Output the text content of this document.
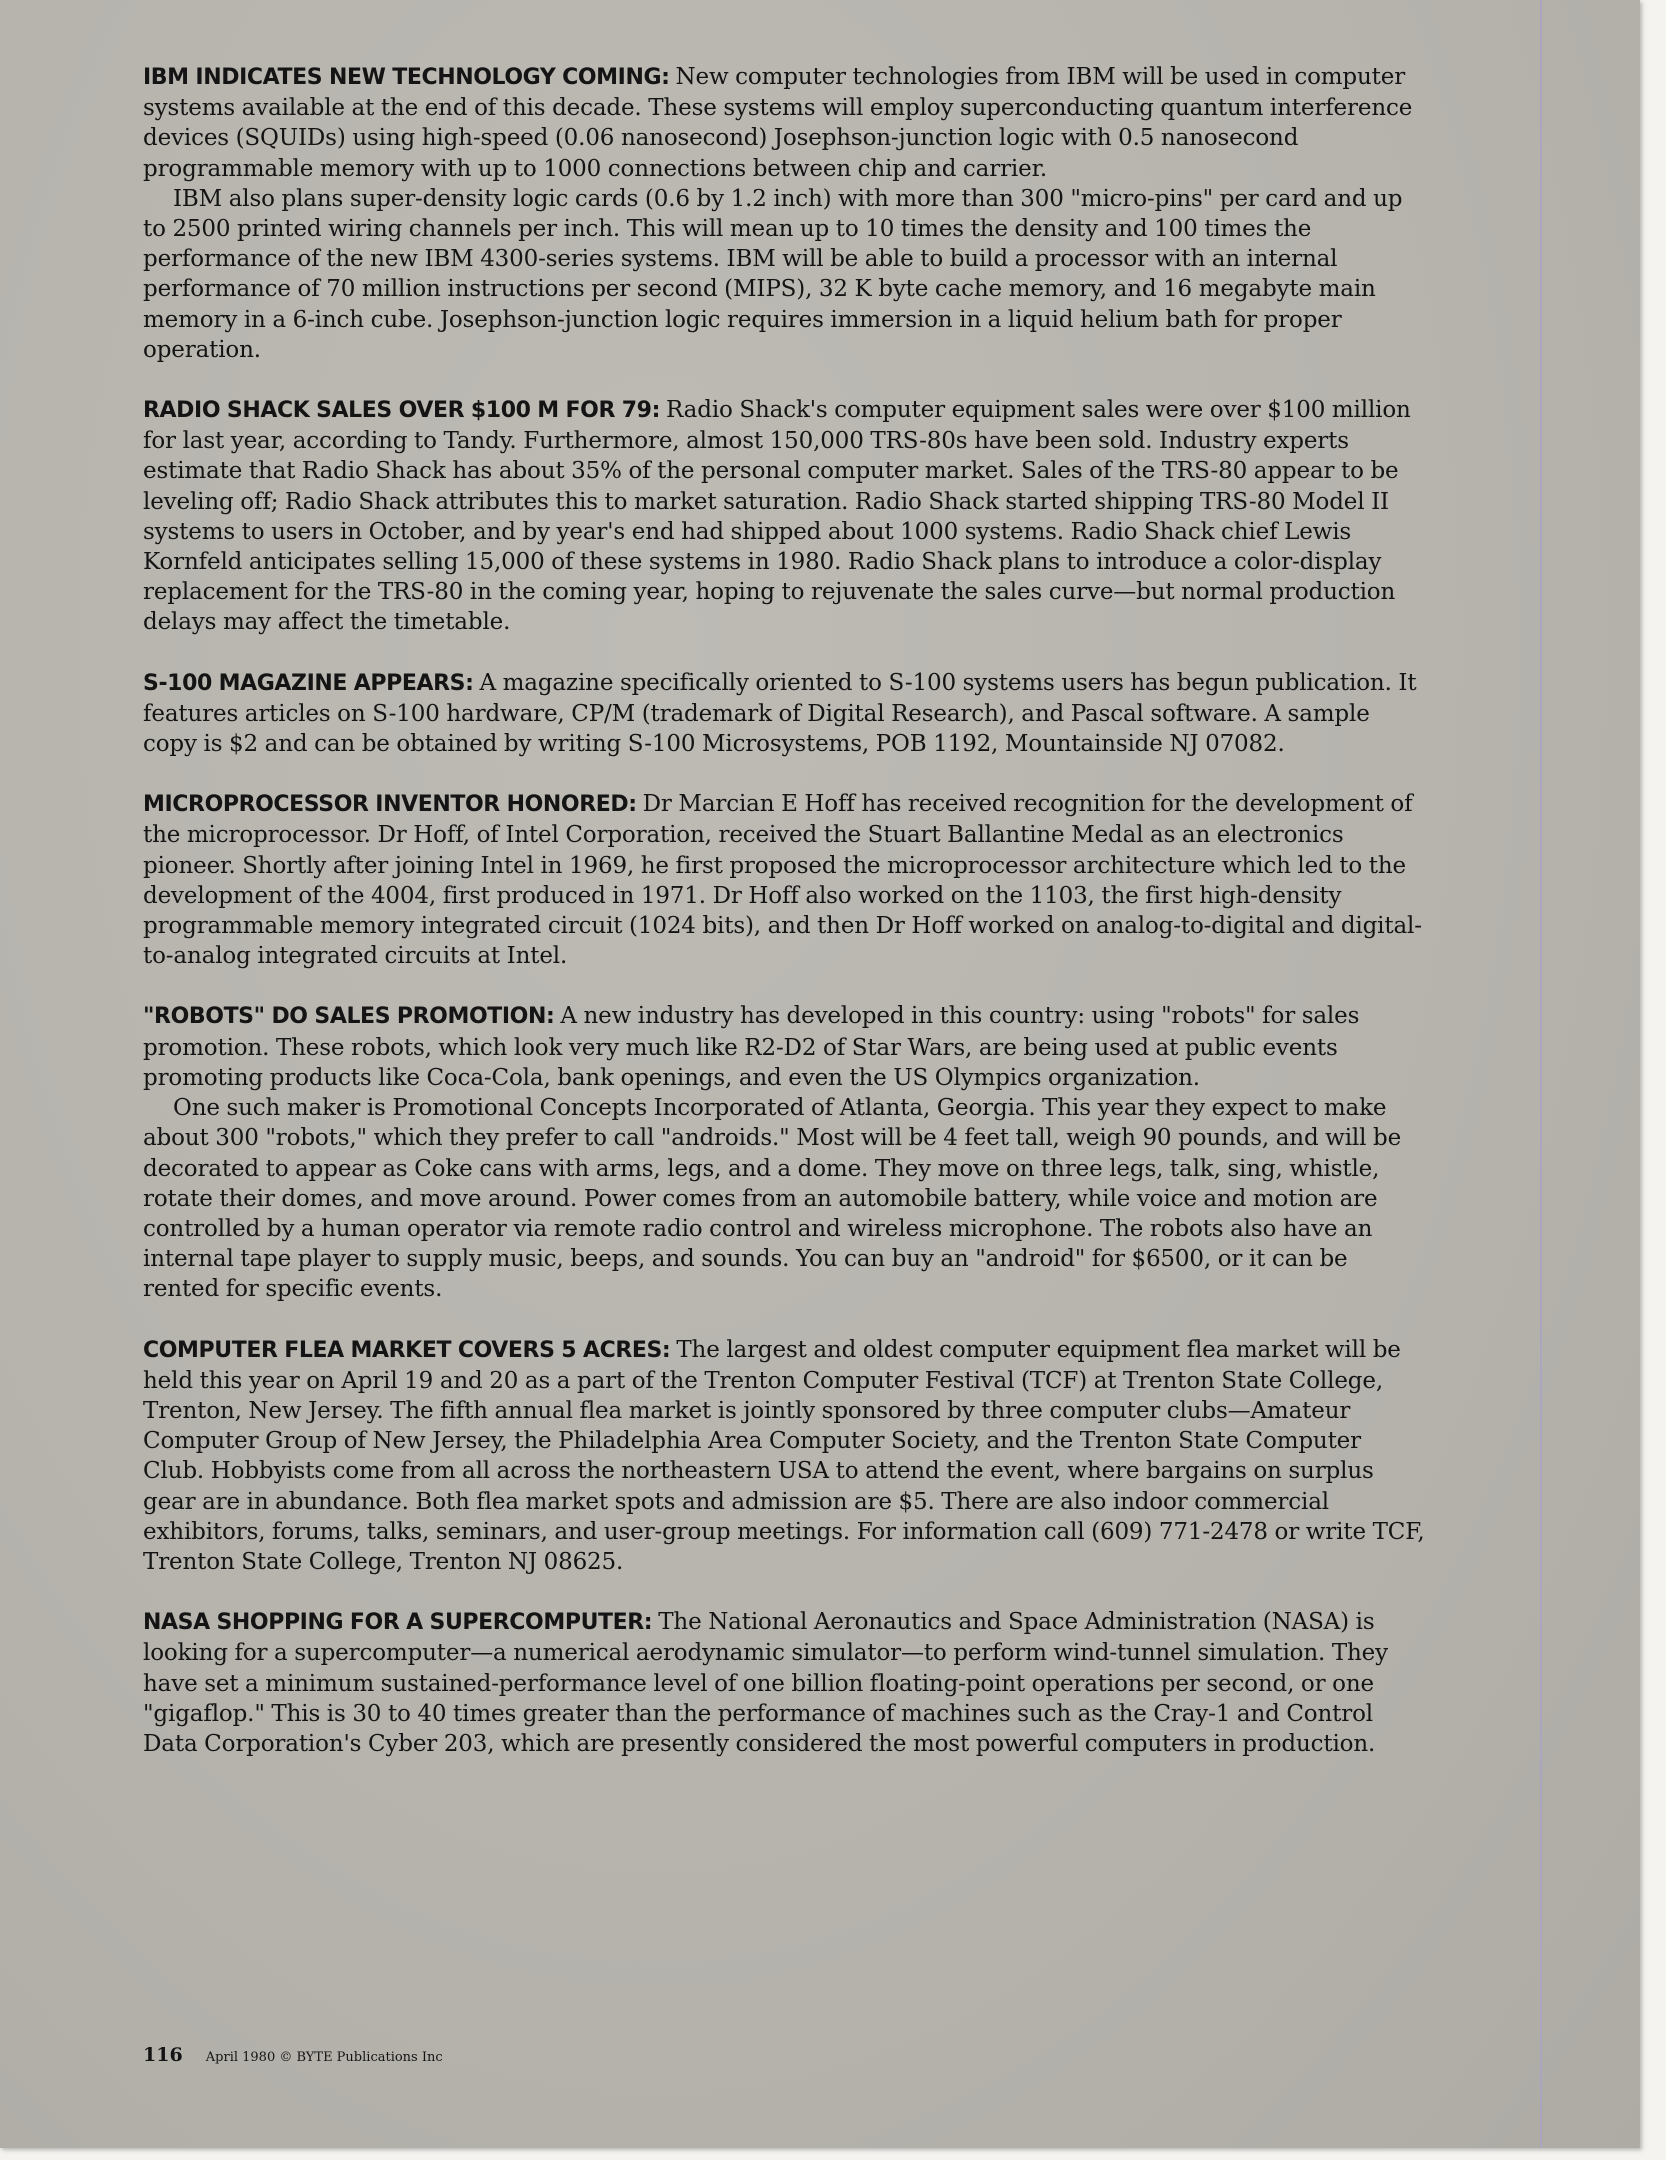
IBM INDICATES NEW TECHNOLOGY COMING: New computer technologies from IBM will be used in computer systems available at the end of this decade. These systems will employ superconducting quantum interference devices (SQUIDs) using high-speed (0.06 nanosecond) Josephson-junction logic with 0.5 nanosecond programmable memory with up to 1000 connections between chip and carrier.

IBM also plans super-density logic cards (0.6 by 1.2 inch) with more than 300 "micro-pins" per card and up to 2500 printed wiring channels per inch. This will mean up to 10 times the density and 100 times the performance of the new IBM 4300-series systems. IBM will be able to build a processor with an internal performance of 70 million instructions per second (MIPS), 32 K byte cache memory, and 16 megabyte main memory in a 6-inch cube. Josephson-junction logic requires immersion in a liquid helium bath for proper operation.

RADIO SHACK SALES OVER $100 M FOR 79: Radio Shack's computer equipment sales were over $100 million for last year, according to Tandy. Furthermore, almost 150,000 TRS-80s have been sold. Industry experts estimate that Radio Shack has about 35% of the personal computer market. Sales of the TRS-80 appear to be leveling off; Radio Shack attributes this to market saturation. Radio Shack started shipping TRS-80 Model II systems to users in October, and by year's end had shipped about 1000 systems. Radio Shack chief Lewis Kornfeld anticipates selling 15,000 of these systems in 1980. Radio Shack plans to introduce a color-display replacement for the TRS-80 in the coming year, hoping to rejuvenate the sales curve—but normal production delays may affect the timetable.

S-100 MAGAZINE APPEARS: A magazine specifically oriented to S-100 systems users has begun publication. It features articles on S-100 hardware, CP/M (trademark of Digital Research), and Pascal software. A sample copy is $2 and can be obtained by writing S-100 Microsystems, POB 1192, Mountainside NJ 07082.

MICROPROCESSOR INVENTOR HONORED: Dr Marcian E Hoff has received recognition for the development of the microprocessor. Dr Hoff, of Intel Corporation, received the Stuart Ballantine Medal as an electronics pioneer. Shortly after joining Intel in 1969, he first proposed the microprocessor architecture which led to the development of the 4004, first produced in 1971. Dr Hoff also worked on the 1103, the first high-density programmable memory integrated circuit (1024 bits), and then Dr Hoff worked on analog-to-digital and digital-to-analog integrated circuits at Intel.

"ROBOTS" DO SALES PROMOTION: A new industry has developed in this country: using "robots" for sales promotion. These robots, which look very much like R2-D2 of Star Wars, are being used at public events promoting products like Coca-Cola, bank openings, and even the US Olympics organization.

One such maker is Promotional Concepts Incorporated of Atlanta, Georgia. This year they expect to make about 300 "robots," which they prefer to call "androids." Most will be 4 feet tall, weigh 90 pounds, and will be decorated to appear as Coke cans with arms, legs, and a dome. They move on three legs, talk, sing, whistle, rotate their domes, and move around. Power comes from an automobile battery, while voice and motion are controlled by a human operator via remote radio control and wireless microphone. The robots also have an internal tape player to supply music, beeps, and sounds. You can buy an "android" for $6500, or it can be rented for specific events.

COMPUTER FLEA MARKET COVERS 5 ACRES: The largest and oldest computer equipment flea market will be held this year on April 19 and 20 as a part of the Trenton Computer Festival (TCF) at Trenton State College, Trenton, New Jersey. The fifth annual flea market is jointly sponsored by three computer clubs—Amateur Computer Group of New Jersey, the Philadelphia Area Computer Society, and the Trenton State Computer Club. Hobbyists come from all across the northeastern USA to attend the event, where bargains on surplus gear are in abundance. Both flea market spots and admission are $5. There are also indoor commercial exhibitors, forums, talks, seminars, and user-group meetings. For information call (609) 771-2478 or write TCF, Trenton State College, Trenton NJ 08625.

NASA SHOPPING FOR A SUPERCOMPUTER: The National Aeronautics and Space Administration (NASA) is looking for a supercomputer—a numerical aerodynamic simulator—to perform wind-tunnel simulation. They have set a minimum sustained-performance level of one billion floating-point operations per second, or one "gigaflop." This is 30 to 40 times greater than the performance of machines such as the Cray-1 and Control Data Corporation's Cyber 203, which are presently considered the most powerful computers in production.

116 April 1980 © BYTE Publications Inc
